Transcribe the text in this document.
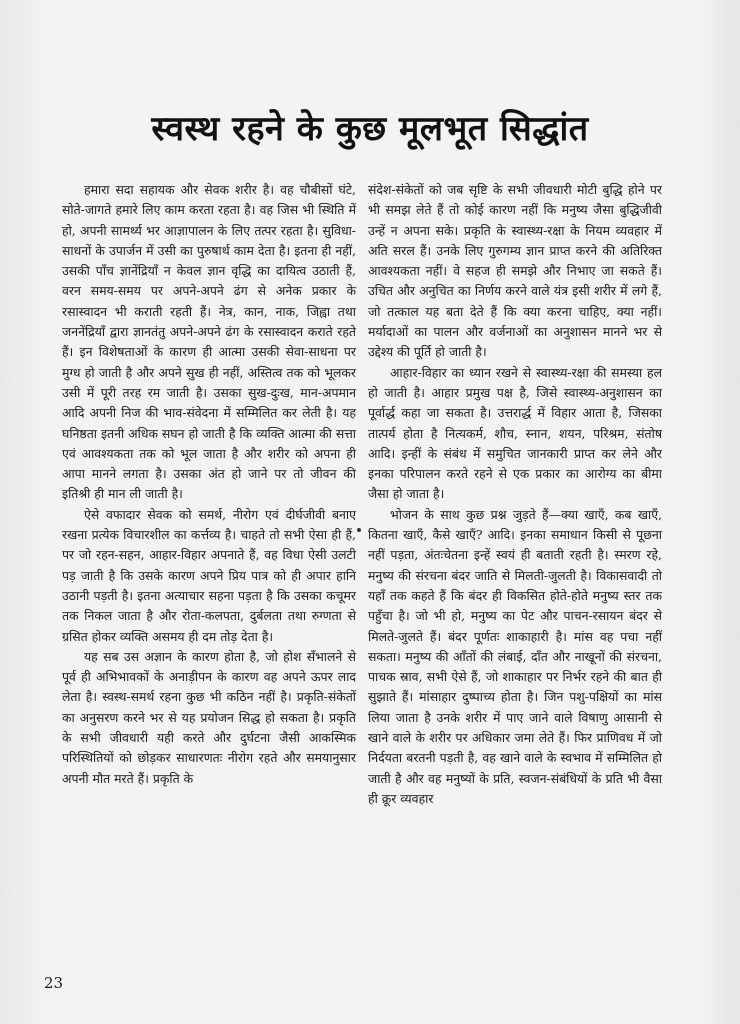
स्वस्थ रहने के कुछ मूलभूत सिद्धांत

हमारा सदा सहायक और सेवक शरीर है। वह चौबीसों घंटे, सोते-जागते हमारे लिए काम करता रहता है। वह जिस भी स्थिति में हो, अपनी सामर्थ्य भर आज्ञापालन के लिए तत्पर रहता है। सुविधा-साधनों के उपार्जन में उसी का पुरुषार्थ काम देता है। इतना ही नहीं, उसकी पाँच ज्ञानेंद्रियाँ न केवल ज्ञान वृद्धि का दायित्व उठाती हैं, वरन समय-समय पर अपने-अपने ढंग से अनेक प्रकार के रसास्वादन भी कराती रहती हैं। नेत्र, कान, नाक, जिह्वा तथा जननेंद्रियाँ द्वारा ज्ञानतंतु अपने-अपने ढंग के रसास्वादन कराते रहते हैं। इन विशेषताओं के कारण ही आत्मा उसकी सेवा-साधना पर मुग्ध हो जाती है और अपने सुख ही नहीं, अस्तित्व तक को भूलकर उसी में पूरी तरह रम जाती है। उसका सुख-दुःख, मान-अपमान आदि अपनी निज की भाव-संवेदना में सम्मिलित कर लेती है। यह घनिष्ठता इतनी अधिक सघन हो जाती है कि व्यक्ति आत्मा की सत्ता एवं आवश्यकता तक को भूल जाता है और शरीर को अपना ही आपा मानने लगता है। उसका अंत हो जाने पर तो जीवन की इतिश्री ही मान ली जाती है।

ऐसे वफादार सेवक को समर्थ, नीरोग एवं दीर्घजीवी बनाए रखना प्रत्येक विचारशील का कर्त्तव्य है। चाहते तो सभी ऐसा ही हैं, पर जो रहन-सहन, आहार-विहार अपनाते हैं, वह विधा ऐसी उलटी पड़ जाती है कि उसके कारण अपने प्रिय पात्र को ही अपार हानि उठानी पड़ती है। इतना अत्याचार सहना पड़ता है कि उसका कचूमर तक निकल जाता है और रोता-कलपता, दुर्बलता तथा रुग्णता से ग्रसित होकर व्यक्ति असमय ही दम तोड़ देता है।

यह सब उस अज्ञान के कारण होता है, जो होश सँभालने से पूर्व ही अभिभावकों के अनाड़ीपन के कारण वह अपने ऊपर लाद लेता है। स्वस्थ-समर्थ रहना कुछ भी कठिन नहीं है। प्रकृति-संकेतों का अनुसरण करने भर से यह प्रयोजन सिद्ध हो सकता है। प्रकृति के सभी जीवधारी यही करते और दुर्घटना जैसी आकस्मिक परिस्थितियों को छोड़कर साधारणतः नीरोग रहते और समयानुसार अपनी मौत मरते हैं। प्रकृति के

संदेश-संकेतों को जब सृष्टि के सभी जीवधारी मोटी बुद्धि होने पर भी समझ लेते हैं तो कोई कारण नहीं कि मनुष्य जैसा बुद्धिजीवी उन्हें न अपना सके। प्रकृति के स्वास्थ्य-रक्षा के नियम व्यवहार में अति सरल हैं। उनके लिए गुरुगम्य ज्ञान प्राप्त करने की अतिरिक्त आवश्यकता नहीं। वे सहज ही समझे और निभाए जा सकते हैं। उचित और अनुचित का निर्णय करने वाले यंत्र इसी शरीर में लगे हैं, जो तत्काल यह बता देते हैं कि क्या करना चाहिए, क्या नहीं। मर्यादाओं का पालन और वर्जनाओं का अनुशासन मानने भर से उद्देश्य की पूर्ति हो जाती है।

आहार-विहार का ध्यान रखने से स्वास्थ्य-रक्षा की समस्या हल हो जाती है। आहार प्रमुख पक्ष है, जिसे स्वास्थ्य-अनुशासन का पूर्वार्द्ध कहा जा सकता है। उत्तरार्द्ध में विहार आता है, जिसका तात्पर्य होता है नित्यकर्म, शौच, स्नान, शयन, परिश्रम, संतोष आदि। इन्हीं के संबंध में समुचित जानकारी प्राप्त कर लेने और इनका परिपालन करते रहने से एक प्रकार का आरोग्य का बीमा जैसा हो जाता है।

भोजन के साथ कुछ प्रश्न जुड़ते हैं—क्या खाएँ, कब खाएँ, कितना खाएँ, कैसे खाएँ? आदि। इनका समाधान किसी से पूछना नहीं पड़ता, अंतःचेतना इन्हें स्वयं ही बताती रहती है। स्मरण रहे, मनुष्य की संरचना बंदर जाति से मिलती-जुलती है। विकासवादी तो यहाँ तक कहते हैं कि बंदर ही विकसित होते-होते मनुष्य स्तर तक पहुँचा है। जो भी हो, मनुष्य का पेट और पाचन-रसायन बंदर से मिलते-जुलते हैं। बंदर पूर्णतः शाकाहारी है। मांस वह पचा नहीं सकता। मनुष्य की आँतों की लंबाई, दाँत और नाखूनों की संरचना, पाचक स्राव, सभी ऐसे हैं, जो शाकाहार पर निर्भर रहने की बात ही सुझाते हैं। मांसाहार दुष्पाच्य होता है। जिन पशु-पक्षियों का मांस लिया जाता है उनके शरीर में पाए जाने वाले विषाणु आसानी से खाने वाले के शरीर पर अधिकार जमा लेते हैं। फिर प्राणिवध में जो निर्दयता बरतनी पड़ती है, वह खाने वाले के स्वभाव में सम्मिलित हो जाती है और वह मनुष्यों के प्रति, स्वजन-संबंधियों के प्रति भी वैसा ही क्रूर व्यवहार

23
